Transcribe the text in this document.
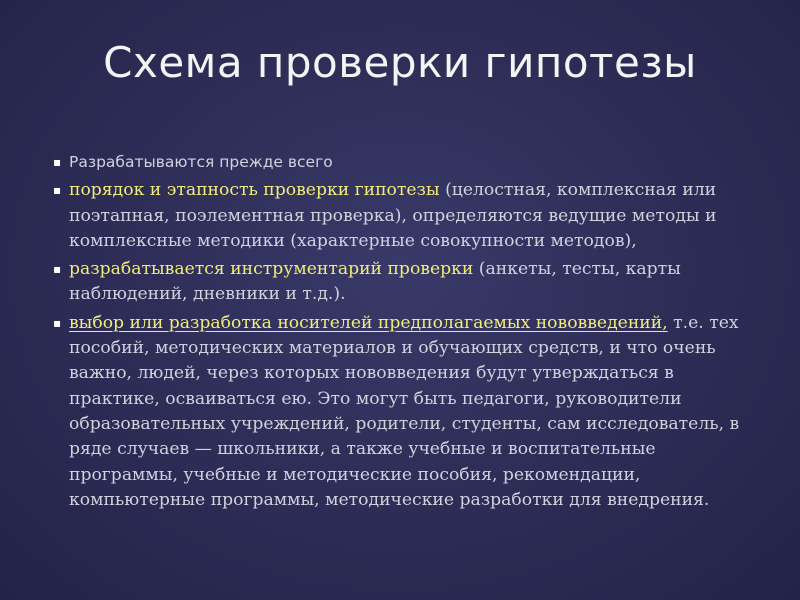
Схема проверки гипотезы
▪ Разрабатываются прежде всего
▪ порядок и этапность проверки гипотезы (целостная, комплексная или поэтапная, поэлементная проверка), определяются ведущие методы и комплексные методики (характерные совокупности методов),
▪ разрабатывается инструментарий проверки (анкеты, тесты, карты наблюдений, дневники и т.д.).
▪ выбор или разработка носителей предполагаемых нововведений, т.е. тех пособий, методических материалов и обучающих средств, и что очень важно, людей, через которых нововведения будут утверждаться в практике, осваиваться ею. Это могут быть педагоги, руководители образовательных учреждений, родители, студенты, сам исследователь, в ряде случаев — школьники, а также учебные и воспитательные программы, учебные и методические пособия, рекомендации, компьютерные программы, методические разработки для внедрения.
